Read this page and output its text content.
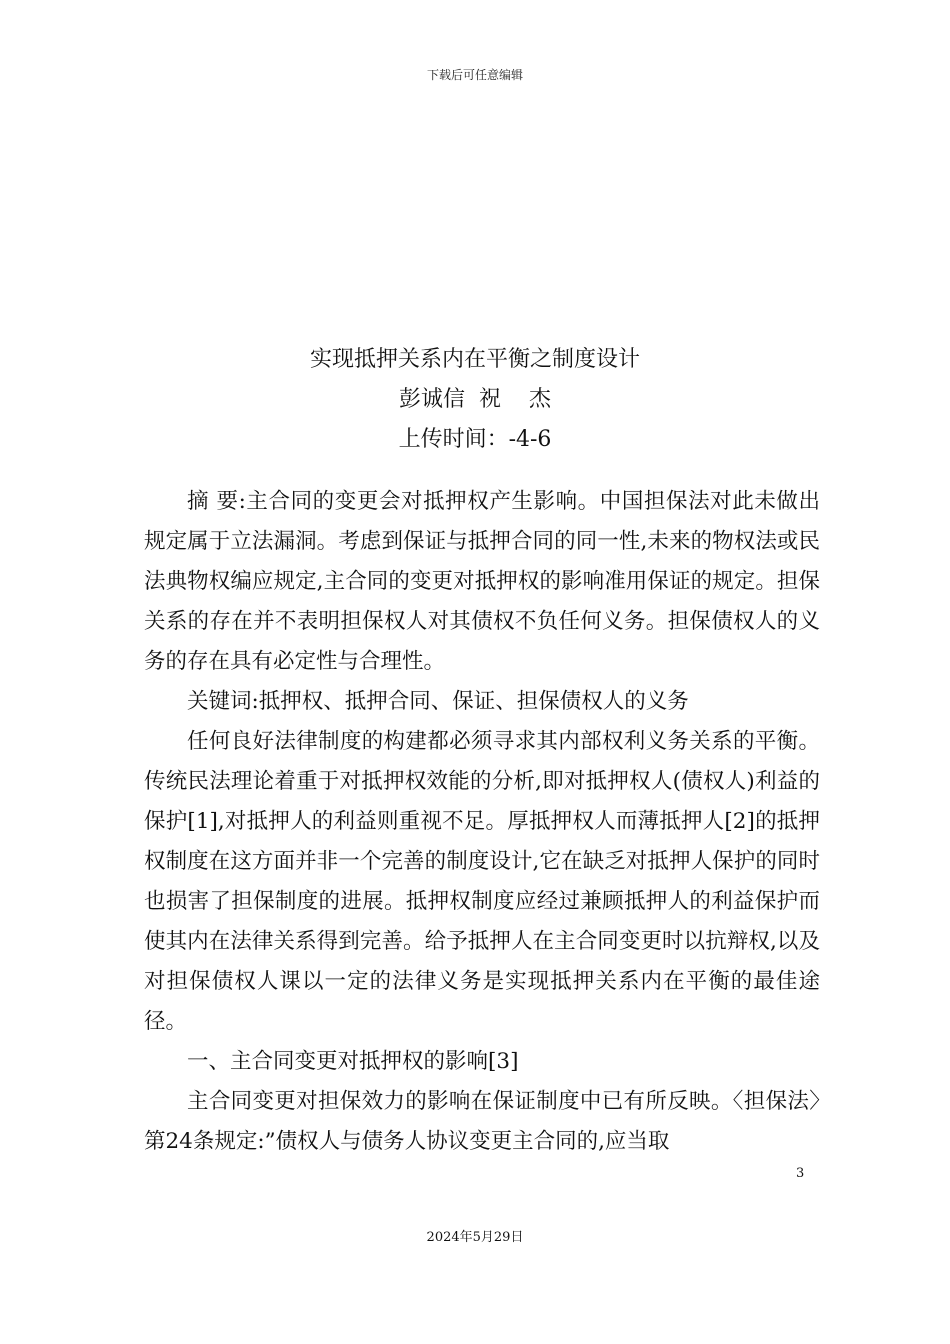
下载后可任意编辑
实现抵押关系内在平衡之制度设计
彭诚信  祝    杰
上传时间：-4-6

摘 要:主合同的变更会对抵押权产生影响。中国担保法对此未做出规定属于立法漏洞。考虑到保证与抵押合同的同一性,未来的物权法或民法典物权编应规定,主合同的变更对抵押权的影响准用保证的规定。担保关系的存在并不表明担保权人对其债权不负任何义务。担保债权人的义务的存在具有必定性与合理性。

关键词:抵押权、抵押合同、保证、担保债权人的义务

任何良好法律制度的构建都必须寻求其内部权利义务关系的平衡。传统民法理论着重于对抵押权效能的分析,即对抵押权人(债权人)利益的保护[1],对抵押人的利益则重视不足。厚抵押权人而薄抵押人[2]的抵押权制度在这方面并非一个完善的制度设计,它在缺乏对抵押人保护的同时也损害了担保制度的进展。抵押权制度应经过兼顾抵押人的利益保护而使其内在法律关系得到完善。给予抵押人在主合同变更时以抗辩权,以及对担保债权人课以一定的法律义务是实现抵押关系内在平衡的最佳途径。

一、主合同变更对抵押权的影响[3]

主合同变更对担保效力的影响在保证制度中已有所反映。〈担保法〉第24条规定:”债权人与债务人协议变更主合同的,应当取

3
2024年5月29日
